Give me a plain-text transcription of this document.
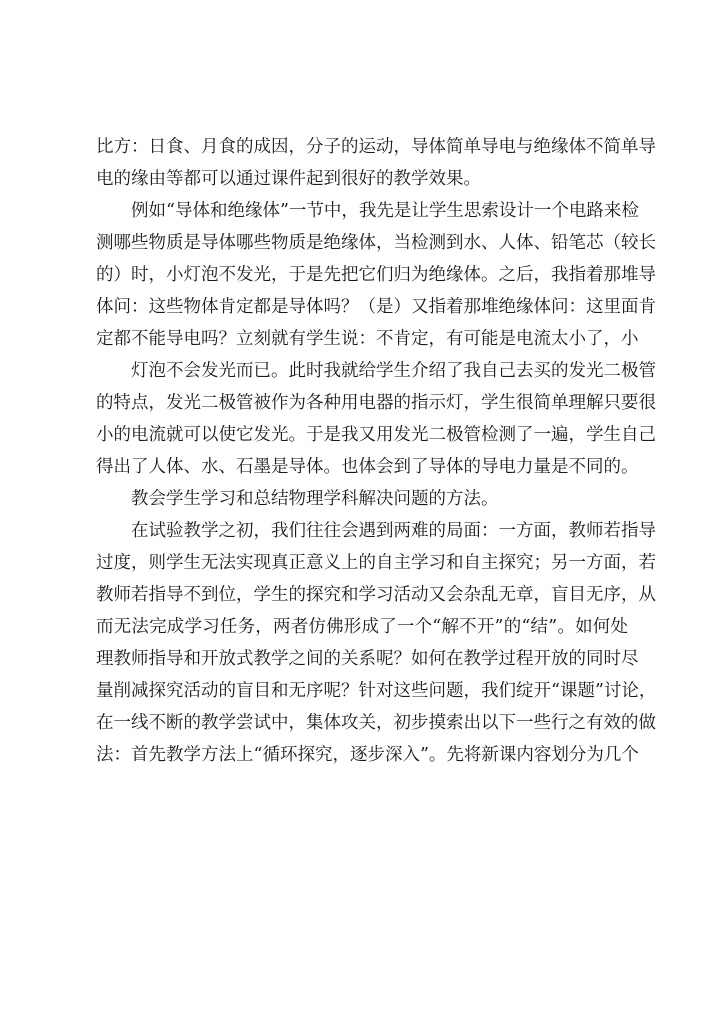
比方：日食、月食的成因，分子的运动，导体简单导电与绝缘体不简单导
电的缘由等都可以通过课件起到很好的教学效果。
例如“导体和绝缘体”一节中，我先是让学生思索设计一个电路来检
测哪些物质是导体哪些物质是绝缘体，当检测到水、人体、铅笔芯（较长
的）时，小灯泡不发光，于是先把它们归为绝缘体。之后，我指着那堆导
体问：这些物体肯定都是导体吗？（是）又指着那堆绝缘体问：这里面肯
定都不能导电吗？立刻就有学生说：不肯定，有可能是电流太小了，小
灯泡不会发光而已。此时我就给学生介绍了我自己去买的发光二极管
的特点，发光二极管被作为各种用电器的指示灯，学生很简单理解只要很
小的电流就可以使它发光。于是我又用发光二极管检测了一遍，学生自己
得出了人体、水、石墨是导体。也体会到了导体的导电力量是不同的。
教会学生学习和总结物理学科解决问题的方法。
在试验教学之初，我们往往会遇到两难的局面：一方面，教师若指导
过度，则学生无法实现真正意义上的自主学习和自主探究；另一方面，若
教师若指导不到位，学生的探究和学习活动又会杂乱无章，盲目无序，从
而无法完成学习任务，两者仿佛形成了一个“解不开”的“结”。如何处
理教师指导和开放式教学之间的关系呢？如何在教学过程开放的同时尽
量削减探究活动的盲目和无序呢？针对这些问题，我们绽开“课题”讨论，
在一线不断的教学尝试中，集体攻关，初步摸索出以下一些行之有效的做
法：首先教学方法上“循环探究，逐步深入”。先将新课内容划分为几个
